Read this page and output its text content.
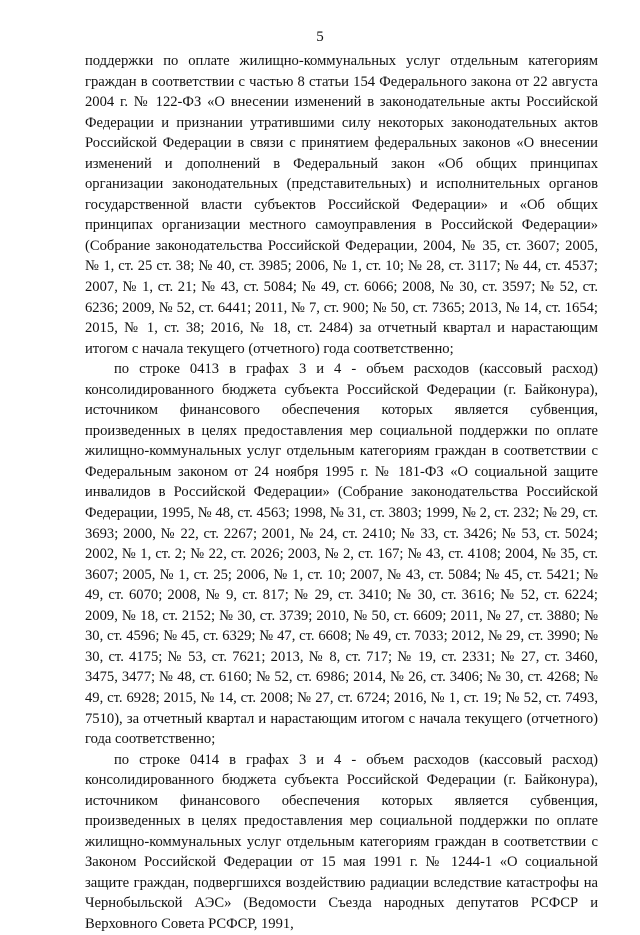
5

поддержки по оплате жилищно-коммунальных услуг отдельным категориям граждан в соответствии с частью 8 статьи 154 Федерального закона от 22 августа 2004 г. № 122-ФЗ «О внесении изменений в законодательные акты Российской Федерации и признании утратившими силу некоторых законодательных актов Российской Федерации в связи с принятием федеральных законов «О внесении изменений и дополнений в Федеральный закон «Об общих принципах организации законодательных (представительных) и исполнительных органов государственной власти субъектов Российской Федерации» и «Об общих принципах организации местного самоуправления в Российской Федерации» (Собрание законодательства Российской Федерации, 2004, № 35, ст. 3607; 2005, № 1, ст. 25 ст. 38; № 40, ст. 3985; 2006, № 1, ст. 10; № 28, ст. 3117; № 44, ст. 4537; 2007, № 1, ст. 21; № 43, ст. 5084; № 49, ст. 6066; 2008, № 30, ст. 3597; № 52, ст. 6236; 2009, № 52, ст. 6441; 2011, № 7, ст. 900; № 50, ст. 7365; 2013, № 14, ст. 1654; 2015, № 1, ст. 38; 2016, № 18, ст. 2484) за отчетный квартал и нарастающим итогом с начала текущего (отчетного) года соответственно;

по строке 0413 в графах 3 и 4 - объем расходов (кассовый расход) консолидированного бюджета субъекта Российской Федерации (г. Байконура), источником финансового обеспечения которых является субвенция, произведенных в целях предоставления мер социальной поддержки по оплате жилищно-коммунальных услуг отдельным категориям граждан в соответствии с Федеральным законом от 24 ноября 1995 г. № 181-ФЗ «О социальной защите инвалидов в Российской Федерации» (Собрание законодательства Российской Федерации, 1995, № 48, ст. 4563; 1998, № 31, ст. 3803; 1999, № 2, ст. 232; № 29, ст. 3693; 2000, № 22, ст. 2267; 2001, № 24, ст. 2410; № 33, ст. 3426; № 53, ст. 5024; 2002, № 1, ст. 2; № 22, ст. 2026; 2003, № 2, ст. 167; № 43, ст. 4108; 2004, № 35, ст. 3607; 2005, № 1, ст. 25; 2006, № 1, ст. 10; 2007, № 43, ст. 5084; № 45, ст. 5421; № 49, ст. 6070; 2008, № 9, ст. 817; № 29, ст. 3410; № 30, ст. 3616; № 52, ст. 6224; 2009, № 18, ст. 2152; № 30, ст. 3739; 2010, № 50, ст. 6609; 2011, № 27, ст. 3880; № 30, ст. 4596; № 45, ст. 6329; № 47, ст. 6608; № 49, ст. 7033; 2012, № 29, ст. 3990; № 30, ст. 4175; № 53, ст. 7621; 2013, № 8, ст. 717; № 19, ст. 2331; № 27, ст. 3460, 3475, 3477; № 48, ст. 6160; № 52, ст. 6986; 2014, № 26, ст. 3406; № 30, ст. 4268; № 49, ст. 6928; 2015, № 14, ст. 2008; № 27, ст. 6724; 2016, № 1, ст. 19; № 52, ст. 7493, 7510), за отчетный квартал и нарастающим итогом с начала текущего (отчетного) года соответственно;

по строке 0414 в графах 3 и 4 - объем расходов (кассовый расход) консолидированного бюджета субъекта Российской Федерации (г. Байконура), источником финансового обеспечения которых является субвенция, произведенных в целях предоставления мер социальной поддержки по оплате жилищно-коммунальных услуг отдельным категориям граждан в соответствии с Законом Российской Федерации от 15 мая 1991 г. № 1244-1 «О социальной защите граждан, подвергшихся воздействию радиации вследствие катастрофы на Чернобыльской АЭС» (Ведомости Съезда народных депутатов РСФСР и Верховного Совета РСФСР, 1991,
